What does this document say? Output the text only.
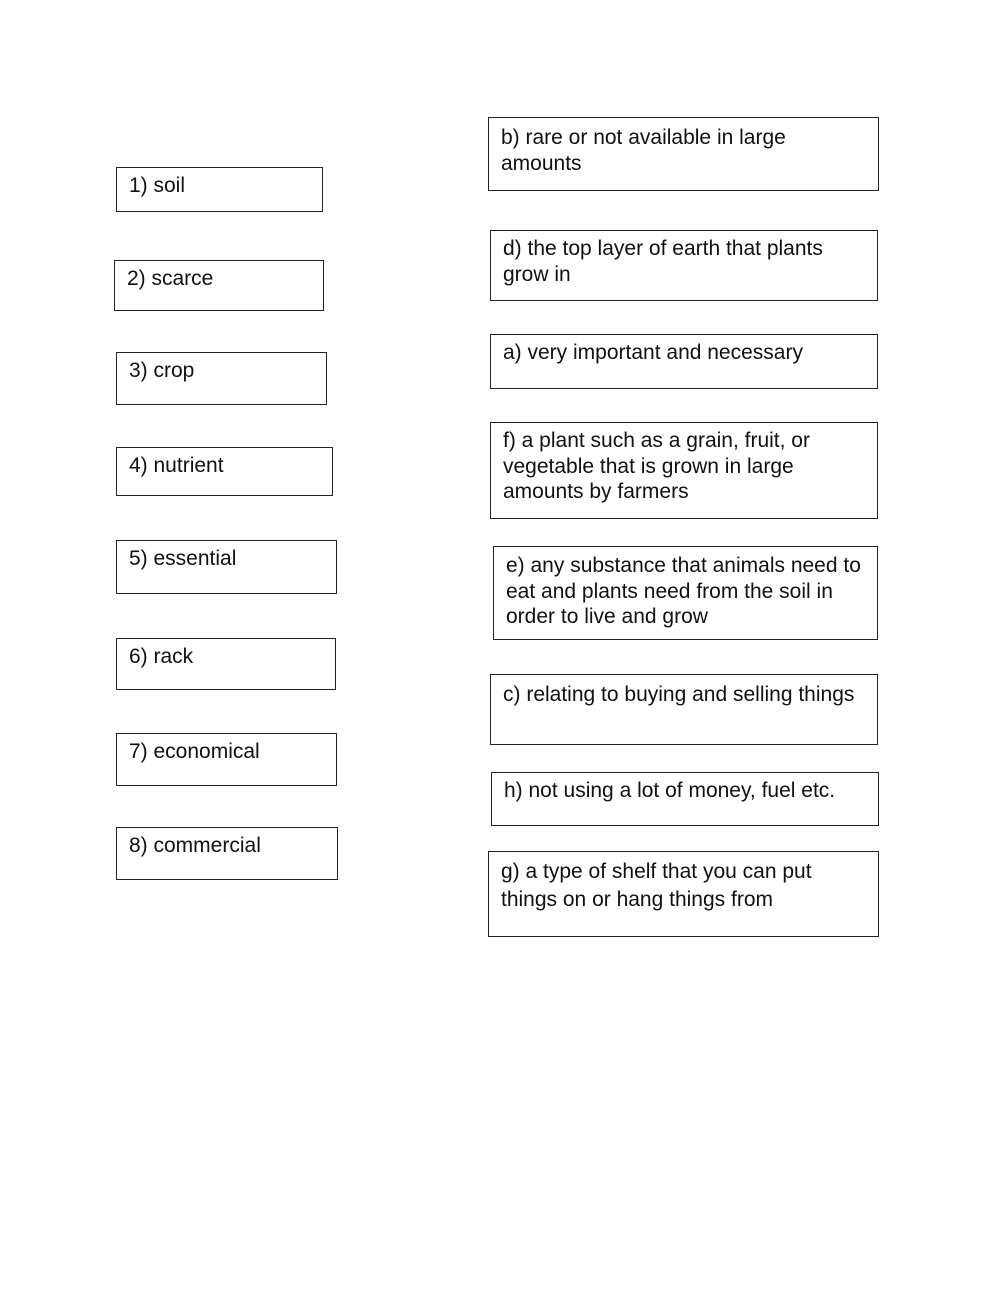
1) soil
2) scarce
3) crop
4) nutrient
5) essential
6) rack
7) economical
8) commercial
b) rare or not available in large amounts
d) the top layer of earth that plants grow in
a) very important and necessary
f) a plant such as a grain, fruit, or vegetable that is grown in large amounts by farmers
e) any substance that animals need to eat and plants need from the soil in order to live and grow
c) relating to buying and selling things
h) not using a lot of money, fuel etc.
g) a type of shelf that you can put things on or hang things from
